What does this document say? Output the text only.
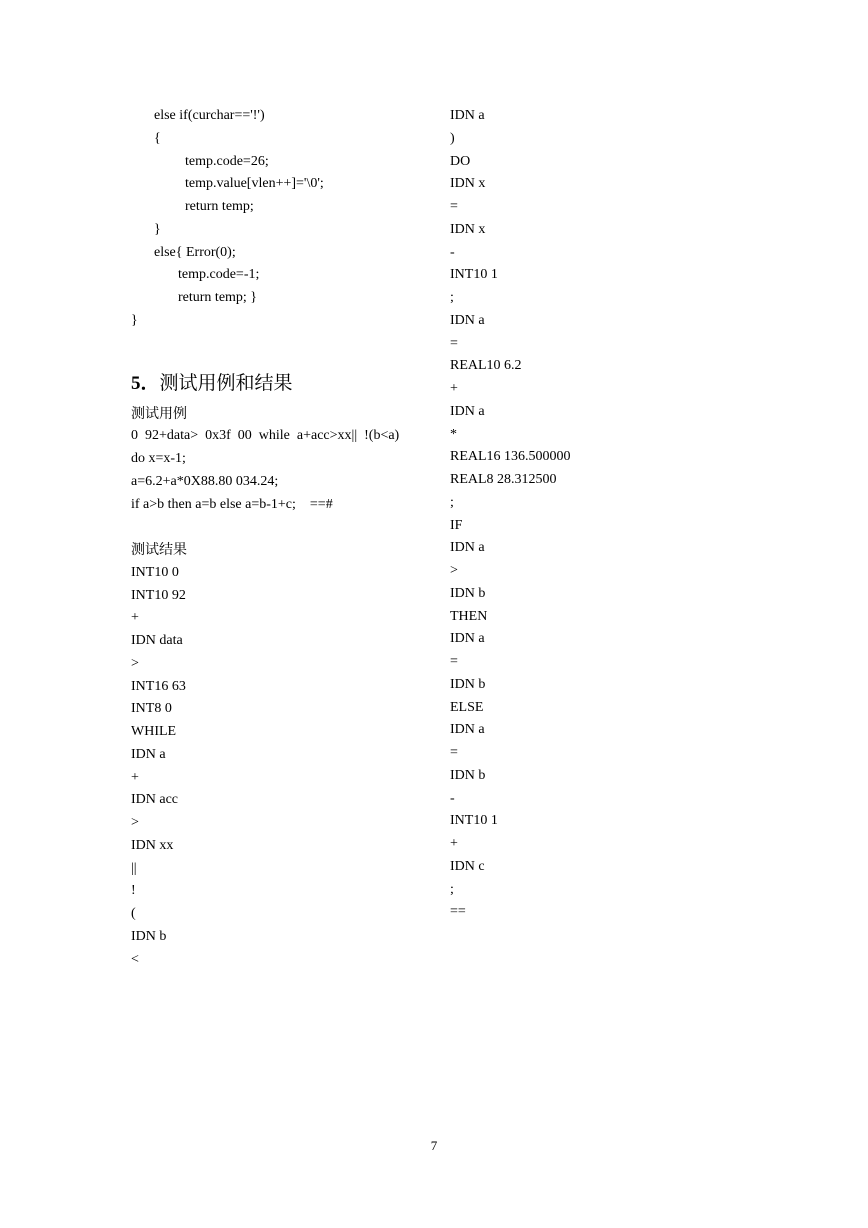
else if(curchar=='!')
{
temp.code=26;
temp.value[vlen++]='\0';
return temp;
}
else{ Error(0);
temp.code=-1;
return temp; }
}
5．测试用例和结果
测试用例
0  92+data>  0x3f  00  while  a+acc>xx||  !(b<a)
do x=x-1;
a=6.2+a*0X88.80 034.24;
if a>b then a=b else a=b-1+c;    ==#
测试结果
INT10 0
INT10 92
+
IDN data
>
INT16 63
INT8 0
WHILE
IDN a
+
IDN acc
>
IDN xx
||
!
(
IDN b
<
IDN a
)
DO
IDN x
=
IDN x
-
INT10 1
;
IDN a
=
REAL10 6.2
+
IDN a
*
REAL16 136.500000
REAL8 28.312500
;
IF
IDN a
>
IDN b
THEN
IDN a
=
IDN b
ELSE
IDN a
=
IDN b
-
INT10 1
+
IDN c
;
==
7
